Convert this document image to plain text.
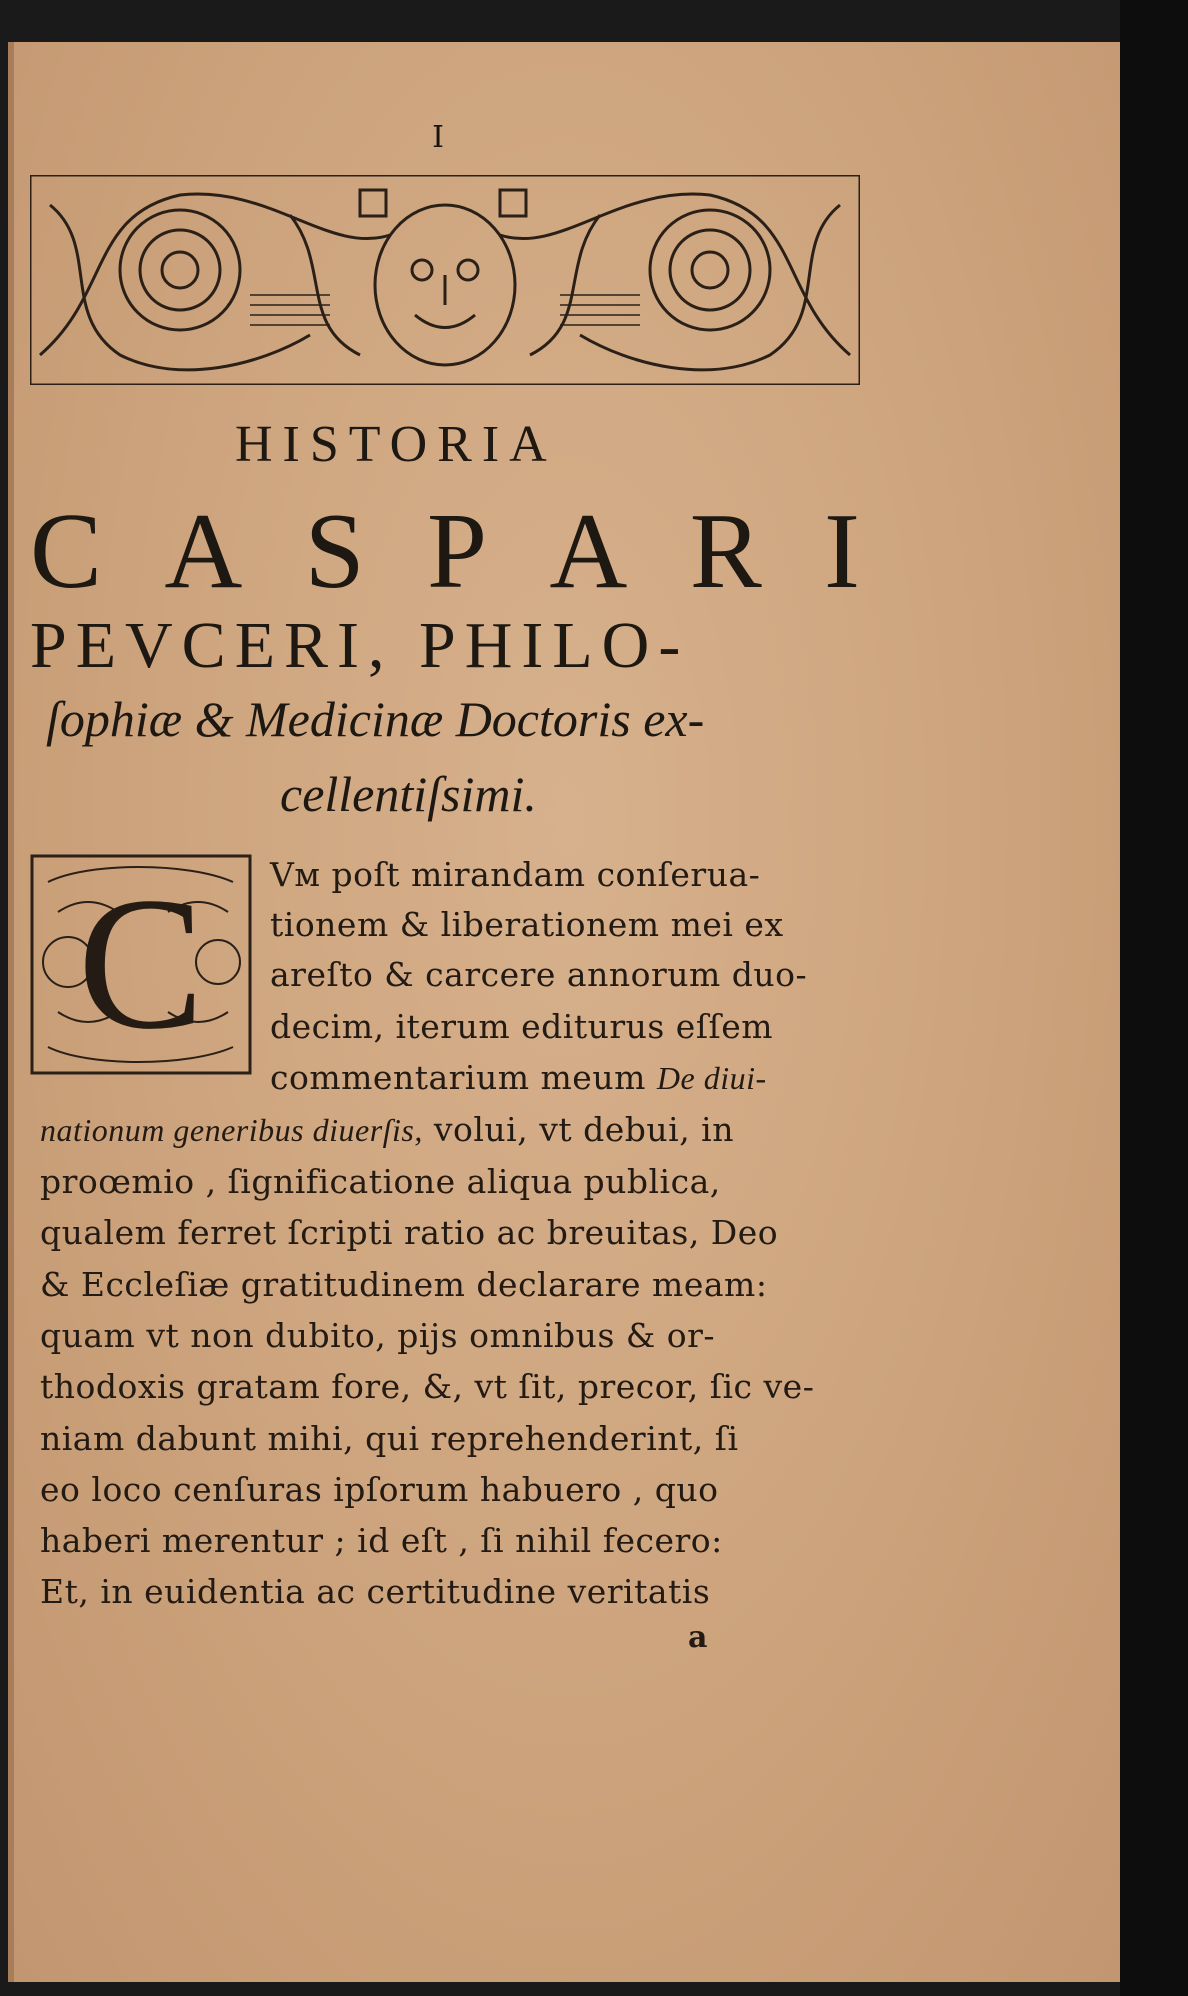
I
HISTORIA
C A S P A R I
PEVCERI, PHILO-
ſophiæ & Medicinæ Doctoris ex-
cellentiſsimi.
C Vм poſt mirandam conſerua-
tionem & liberationem mei ex
areſto & carcere annorum duo-
decim, iterum editurus eſſem
commentarium meum De diui-
nationum generibus diuerſis, volui, vt debui, in
proœmio , ſignificatione aliqua publica,
qualem ferret ſcripti ratio ac breuitas, Deo
& Eccleſiæ gratitudinem declarare meam:
quam vt non dubito, pijs omnibus & or-
thodoxis gratam fore, &, vt ſit, precor, ſic ve-
niam dabunt mihi, qui reprehenderint, ſi
eo loco cenſuras ipſorum habuero , quo
haberi merentur ; id eſt , ſi nihil fecero:
Et, in euidentia ac certitudine veritatis
a
